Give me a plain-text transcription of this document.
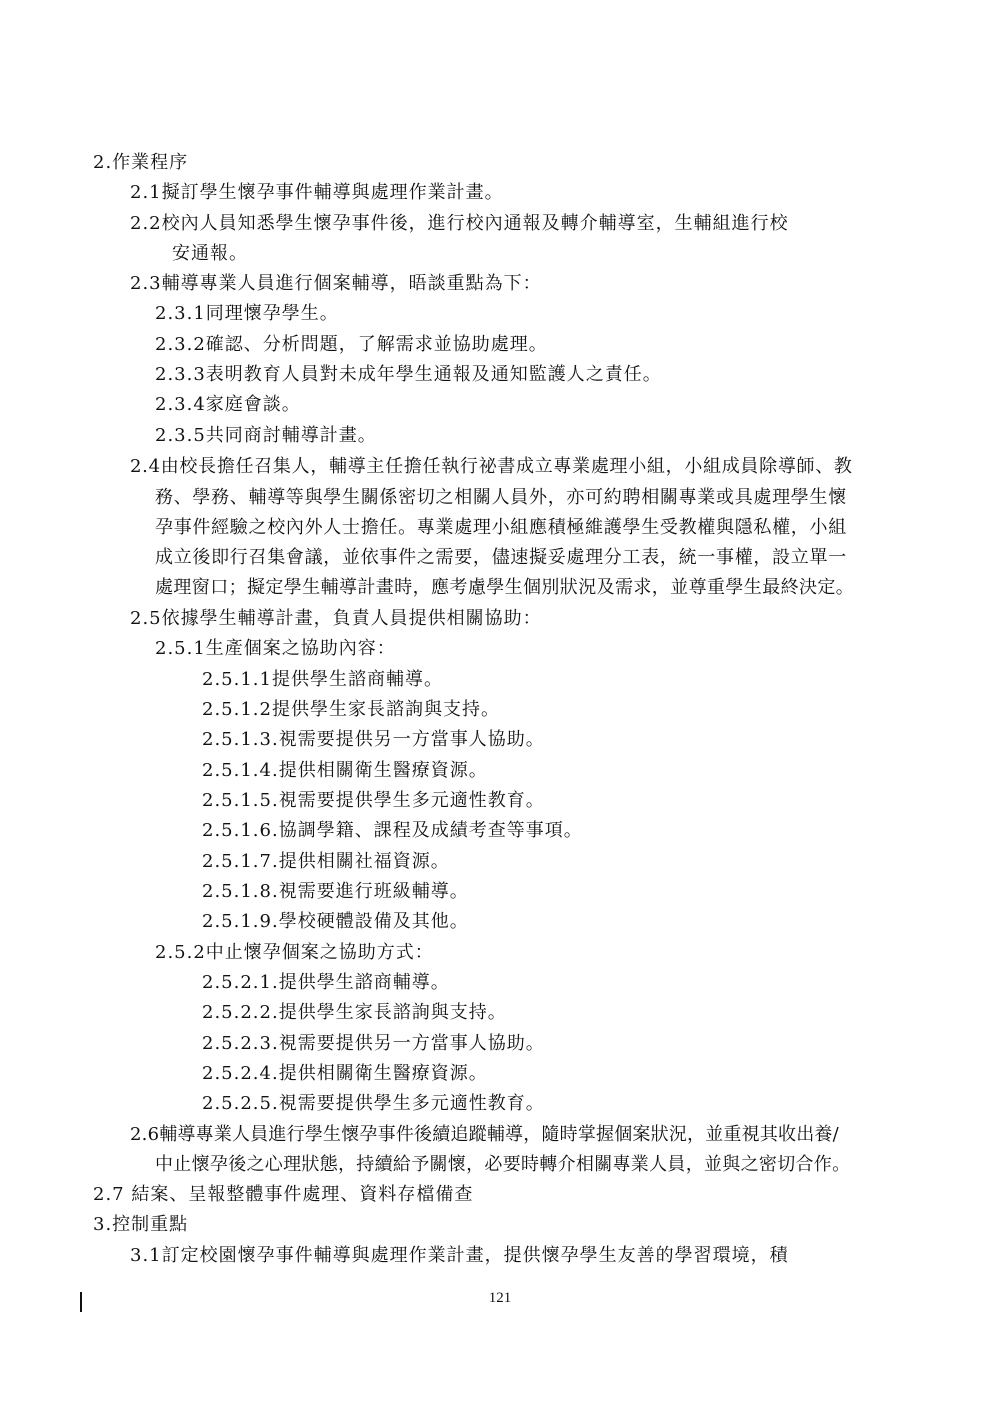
2.作業程序
2.1擬訂學生懷孕事件輔導與處理作業計畫。
2.2校內人員知悉學生懷孕事件後，進行校內通報及轉介輔導室，生輔組進行校
安通報。
2.3輔導專業人員進行個案輔導，晤談重點為下：
2.3.1同理懷孕學生。
2.3.2確認、分析問題，了解需求並協助處理。
2.3.3表明教育人員對未成年學生通報及通知監護人之責任。
2.3.4家庭會談。
2.3.5共同商討輔導計畫。
2.4由校長擔任召集人，輔導主任擔任執行祕書成立專業處理小組，小組成員除導師、教
務、學務、輔導等與學生關係密切之相關人員外，亦可約聘相關專業或具處理學生懷
孕事件經驗之校內外人士擔任。專業處理小組應積極維護學生受教權與隱私權，小組
成立後即行召集會議，並依事件之需要，儘速擬妥處理分工表，統一事權，設立單一
處理窗口；擬定學生輔導計畫時，應考慮學生個別狀況及需求，並尊重學生最終決定。
2.5依據學生輔導計畫，負責人員提供相關協助：
2.5.1生產個案之協助內容：
2.5.1.1提供學生諮商輔導。
2.5.1.2提供學生家長諮詢與支持。
2.5.1.3.視需要提供另一方當事人協助。
2.5.1.4.提供相關衛生醫療資源。
2.5.1.5.視需要提供學生多元適性教育。
2.5.1.6.協調學籍、課程及成績考查等事項。
2.5.1.7.提供相關社福資源。
2.5.1.8.視需要進行班級輔導。
2.5.1.9.學校硬體設備及其他。
2.5.2中止懷孕個案之協助方式：
2.5.2.1.提供學生諮商輔導。
2.5.2.2.提供學生家長諮詢與支持。
2.5.2.3.視需要提供另一方當事人協助。
2.5.2.4.提供相關衛生醫療資源。
2.5.2.5.視需要提供學生多元適性教育。
2.6輔導專業人員進行學生懷孕事件後續追蹤輔導，隨時掌握個案狀況，並重視其收出養/
中止懷孕後之心理狀態，持續給予關懷，必要時轉介相關專業人員，並與之密切合作。
2.7 結案、呈報整體事件處理、資料存檔備查
3.控制重點
3.1訂定校園懷孕事件輔導與處理作業計畫，提供懷孕學生友善的學習環境，積
121
